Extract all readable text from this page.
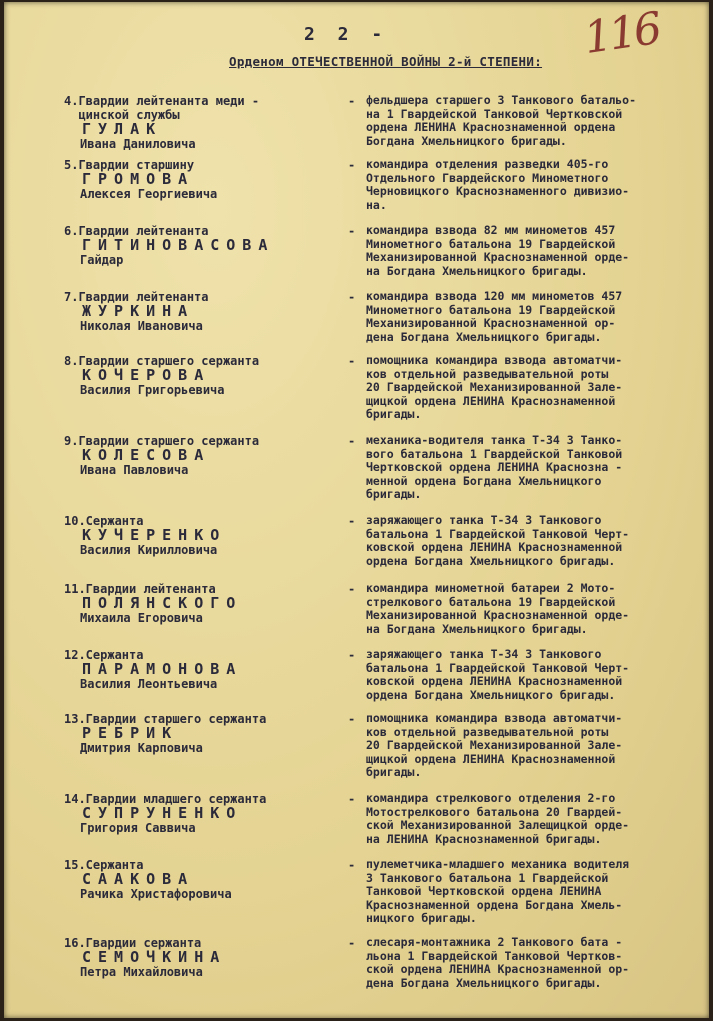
2 2 -	116
Орденом ОТЕЧЕСТВЕННОЙ ВОЙНЫ 2-й СТЕПЕНИ:
4.Гвардии лейтенанта меди -
цинской службы
ГУЛАК
Ивана Даниловича
- фельдшера старшего 3 Танкового батальо-
на 1 Гвардейской Танковой Чертковской
ордена ЛЕНИНА Краснознаменной ордена
Богдана Хмельницкого бригады.
5.Гвардии старшину
ГРОМОВА
Алексея Георгиевича
- командира отделения разведки 405-го
Отдельного Гвардейского Минометного
Черновицкого Краснознаменного дивизио-
на.
6.Гвардии лейтенанта
ГИТИНОВАСОВА
Гайдар
- командира взвода 82 мм минометов 457
Минометного батальона 19 Гвардейской
Механизированной Краснознаменной орде-
на Богдана Хмельницкого бригады.
7.Гвардии лейтенанта
ЖУРКИНА
Николая Ивановича
- командира взвода 120 мм минометов 457
Минометного батальона 19 Гвардейской
Механизированной Краснознаменной ор-
дена Богдана Хмельницкого бригады.
8.Гвардии старшего сержанта
КОЧЕРОВА
Василия Григорьевича
- помощника командира взвода автоматчи-
ков отдельной разведывательной роты
20 Гвардейской Механизированной Зале-
щицкой ордена ЛЕНИНА Краснознаменной
бригады.
9.Гвардии старшего сержанта
КОЛЕСОВА
Ивана Павловича
- механика-водителя танка Т-34 3 Танко-
вого батальона 1 Гвардейской Танковой
Чертковской ордена ЛЕНИНА Краснозна -
менной ордена Богдана Хмельницкого
бригады.
10.Сержанта
КУЧЕРЕНКО
Василия Кирилловича
- заряжающего танка Т-34 3 Танкового
батальона 1 Гвардейской Танковой Черт-
ковской ордена ЛЕНИНА Краснознаменной
ордена Богдана Хмельницкого бригады.
11.Гвардии лейтенанта
ПОЛЯНСКОГО
Михаила Егоровича
- командира минометной батареи 2 Мото-
стрелкового батальона 19 Гвардейской
Механизированной Краснознаменной орде-
на Богдана Хмельницкого бригады.
12.Сержанта
ПАРАМОНОВА
Василия Леонтьевича
- заряжающего танка Т-34 3 Танкового
батальона 1 Гвардейской Танковой Черт-
ковской ордена ЛЕНИНА Краснознаменной
ордена Богдана Хмельницкого бригады.
13.Гвардии старшего сержанта
РЕБРИК
Дмитрия Карповича
- помощника командира взвода автоматчи-
ков отдельной разведывательной роты
20 Гвардейской Механизированной Зале-
щицкой ордена ЛЕНИНА Краснознаменной
бригады.
14.Гвардии младшего сержанта
СУПРУНЕНКО
Григория Саввича
- командира стрелкового отделения 2-го
Мотострелкового батальона 20 Гвардей-
ской Механизированной Залещицкой орде-
на ЛЕНИНА Краснознаменной бригады.
15.Сержанта
СААКОВА
Рачика Христафоровича
- пулеметчика-младшего механика водителя
3 Танкового батальона 1 Гвардейской
Танковой Чертковской ордена ЛЕНИНА
Краснознаменной ордена Богдана Хмель-
ницкого бригады.
16.Гвардии сержанта
СЕМОЧКИНА
Петра Михайловича
- слесаря-монтажника 2 Танкового бата -
льона 1 Гвардейской Танковой Чертков-
ской ордена ЛЕНИНА Краснознаменной ор-
дена Богдана Хмельницкого бригады.
